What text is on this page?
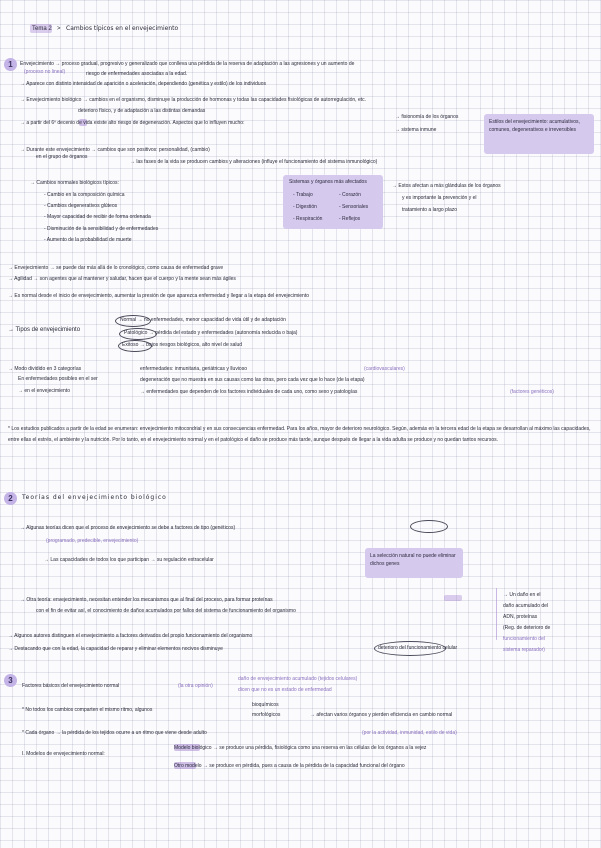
Tema 2 > Cambios típicos en el envejecimiento
1	Envejecimiento → proceso gradual, progresivo y generalizado que conlleva una pérdida de la reserva de adaptación a las agresiones y un aumento de
(proceso no lineal)	riesgo de enfermedades asociadas a la edad.
→ Aparece con distinto intensidad de aparición o aceleración, dependiendo (genética y estilo) de los individuos
→ Envejecimiento biológico → cambios en el organismo, disminuye la producción de hormonas y todas las capacidades fisiológicas de autorregulación, etc.
deterioro físico, y de adaptación a las distintas demandas
→ a partir del 6º decenio de vida existe alto riesgo de degeneración. Aspectos que lo influyen mucho:
→ fisionomía de los órganos
→ sistema inmune
Estilos del envejecimiento: acumulativos, comunes, degenerativos e irreversibles
→ Durante este envejecimiento → cambios que son positivos: personalidad, (cambio)
en el grupo de órganos
→ las fases de la vida se producen cambios y alteraciones (influye el funcionamiento del sistema inmunológico)
→ Cambios normales biológicos típicos:
- Cambio en la composición química
- Cambios degenerativos glúteos
- Mayor capacidad de recibir de forma ordenada
- Disminución de la sensibilidad y de enfermedades
- Aumento de la probabilidad de muerte
Sistemas y órganos más afectados
- Trabajo	- Corazón
- Digestión	- Sensoriales
- Respiración	- Reflejos
→ Estos afectan a más glándulas de los órganos
y es importante la prevención y el
tratamiento a largo plazo
→ Envejecimiento → se puede dar más allá de lo cronológico, como causa de enfermedad grave
→ Agilidad → son agentes que al mantener y saludar, hacen que el cuerpo y la mente sean más ágiles
→ Es normal desde el inicio de envejecimiento, aumentar la presión de que aparezca enfermedad y llegar a la etapa del envejecimiento
→ Tipos de envejecimiento
Normal → no enfermedades, menor capacidad de vida útil y de adaptación
Patológico → pérdida del estado y enfermedades (autonomía reducida o baja)
Exitoso → bajos riesgos biológicos, alto nivel de salud
→ Modo dividido en 3 categorías
En enfermedades posibles en el ser
→ en el envejecimiento
enfermedades: inmunitaria, geriátricas y lluvioso	(cardiovasculares)
degeneración que no muestra en sus causas como las otras, pero cada vez que lo hace (de la etapa)
→ enfermedades que dependen de los factores individuales de cada uno, como sexo y patologías	(factores genéticos)
* Los estudios publicados a partir de la edad se enumeran: envejecimiento mitocondrial y en sus consecuencias enfermedad. Para los años, mayor de deterioro neurológico. Según, además en la tercera edad de la etapa se desarrollan al máximo las capacidades, entre ellas el estrés, el ambiente y la nutrición. Por lo tanto, en el envejecimiento normal y en el patológico el daño se produce más tarde, aunque después de llegar a la vida adulta se produce y no quedan tantos recursos.
2	Teorías del envejecimiento biológico
→ Algunas teorías dicen que el proceso de envejecimiento se debe a factores de tipo (genéticos)
(programado, predecible, envejecimiento)
→ Las capacidades de todos los que participan → su regulación extracelular
La selección natural no puede eliminar dichos genes
→ Otra teoría: envejecimiento, necesitan entender los mecanismos que al final del proceso, para formar proteínas
con el fin de evitar así, el conocimiento de daños acumulados por fallos del sistema de funcionamiento del organismo
→ Un daño en el
daño acumulado del
ADN, proteínas
(Reg. de deterioro de
funcionamiento del
sistema reparador)
→ Algunos autores distinguen el envejecimiento a factores derivados del propio funcionamiento del organismo
→ Destacando que con la edad, la capacidad de reparar y eliminar elementos nocivos disminuye	deterioro del funcionamiento celular
3
Factores básicos del envejecimiento normal	(la otra opinión)
daño de envejecimiento acumulado (tejidos celulares)
dicen que no es un estado de enfermedad
* No todos los cambios comparten el mismo ritmo, algunos
bioquímicos
morfológicos	→ afectan varios órganos y pierden eficiencia en cambio normal
* Cada órgano → la pérdida de los tejidos ocurre a un ritmo que viene desde adulto	(por la actividad, inmunidad, estilo de vida)
I. Modelos de envejecimiento normal:
Modelo biológico → se produce una pérdida, fisiológica como una reserva en las células de los órganos a la vejez
Otro modelo → se produce en pérdida, pues a causa de la pérdida de la capacidad funcional del órgano
